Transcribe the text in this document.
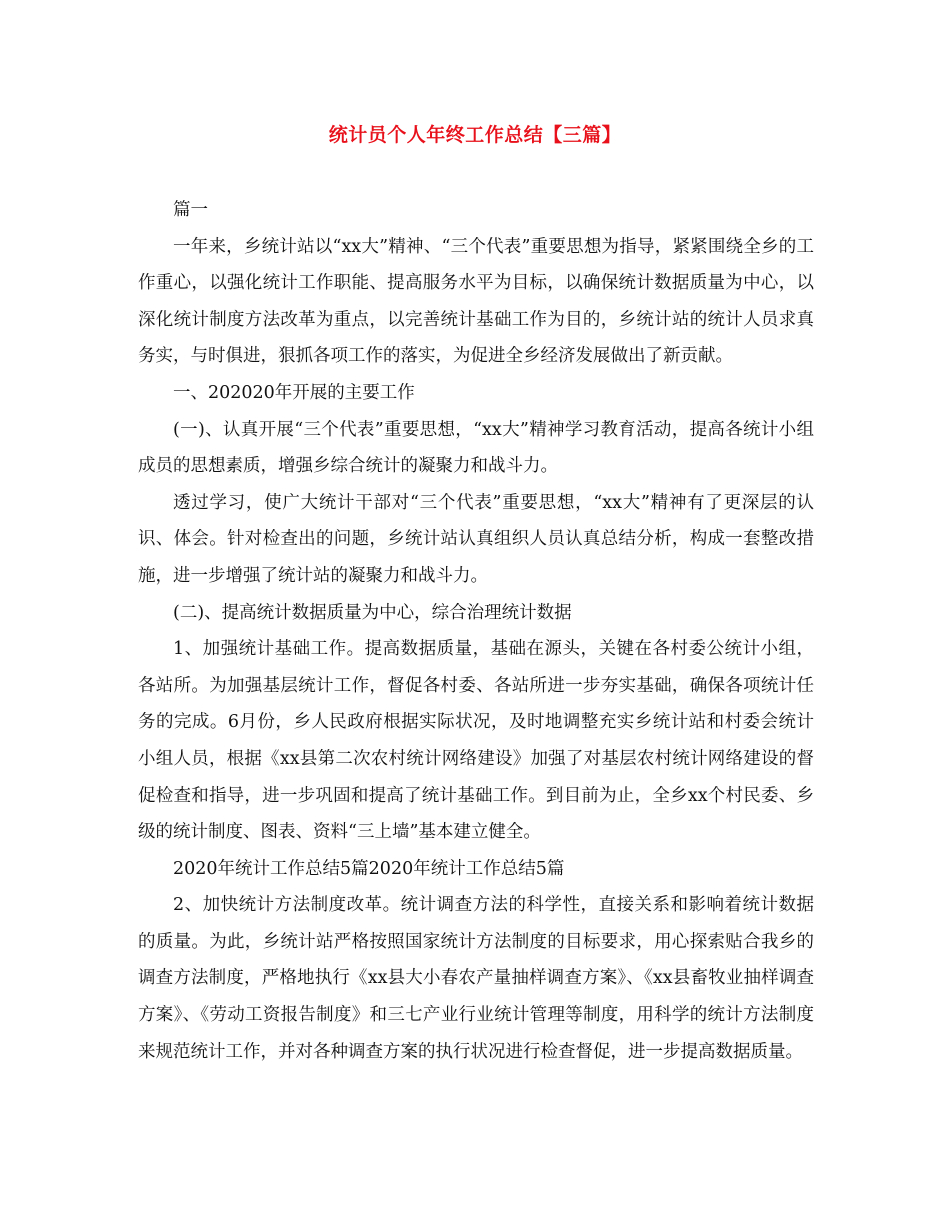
统计员个人年终工作总结【三篇】

篇一

一年来，乡统计站以“xx大”精神、“三个代表”重要思想为指导，紧紧围绕全乡的工作重心，以强化统计工作职能、提高服务水平为目标，以确保统计数据质量为中心，以深化统计制度方法改革为重点，以完善统计基础工作为目的，乡统计站的统计人员求真务实，与时俱进，狠抓各项工作的落实，为促进全乡经济发展做出了新贡献。

一、202020年开展的主要工作

(一)、认真开展“三个代表”重要思想，“xx大”精神学习教育活动，提高各统计小组成员的思想素质，增强乡综合统计的凝聚力和战斗力。

透过学习，使广大统计干部对“三个代表”重要思想，“xx大”精神有了更深层的认识、体会。针对检查出的问题，乡统计站认真组织人员认真总结分析，构成一套整改措施，进一步增强了统计站的凝聚力和战斗力。

(二)、提高统计数据质量为中心，综合治理统计数据

1、加强统计基础工作。提高数据质量，基础在源头，关键在各村委公统计小组，各站所。为加强基层统计工作，督促各村委、各站所进一步夯实基础，确保各项统计任务的完成。6月份，乡人民政府根据实际状况，及时地调整充实乡统计站和村委会统计小组人员，根据《xx县第二次农村统计网络建设》加强了对基层农村统计网络建设的督促检查和指导，进一步巩固和提高了统计基础工作。到目前为止，全乡xx个村民委、乡级的统计制度、图表、资料“三上墙”基本建立健全。

2020年统计工作总结5篇2020年统计工作总结5篇

2、加快统计方法制度改革。统计调查方法的科学性，直接关系和影响着统计数据的质量。为此，乡统计站严格按照国家统计方法制度的目标要求，用心探索贴合我乡的调查方法制度，严格地执行《xx县大小春农产量抽样调查方案》、《xx县畜牧业抽样调查方案》、《劳动工资报告制度》和三七产业行业统计管理等制度，用科学的统计方法制度来规范统计工作，并对各种调查方案的执行状况进行检查督促，进一步提高数据质量。
